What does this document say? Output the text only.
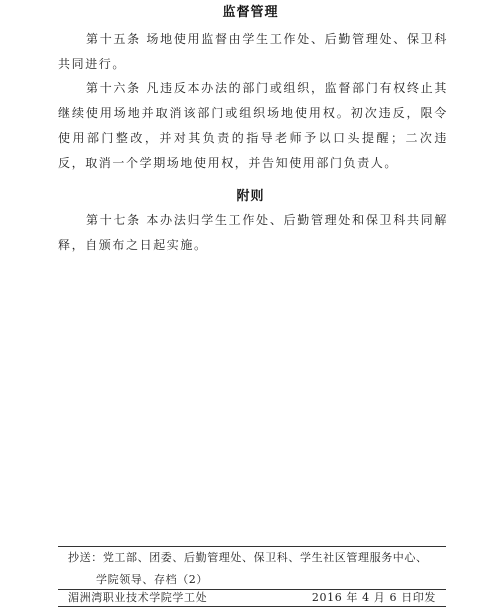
监督管理
第十五条 场地使用监督由学生工作处、后勤管理处、保卫科共同进行。
第十六条 凡违反本办法的部门或组织，监督部门有权终止其继续使用场地并取消该部门或组织场地使用权。初次违反，限令使用部门整改，并对其负责的指导老师予以口头提醒；二次违反，取消一个学期场地使用权，并告知使用部门负责人。
附则
第十七条 本办法归学生工作处、后勤管理处和保卫科共同解释，自颁布之日起实施。
抄送：党工部、团委、后勤管理处、保卫科、学生社区管理服务中心、
学院领导、存档（2）
湄洲湾职业技术学院学工处	2016 年 4 月 6 日印发
